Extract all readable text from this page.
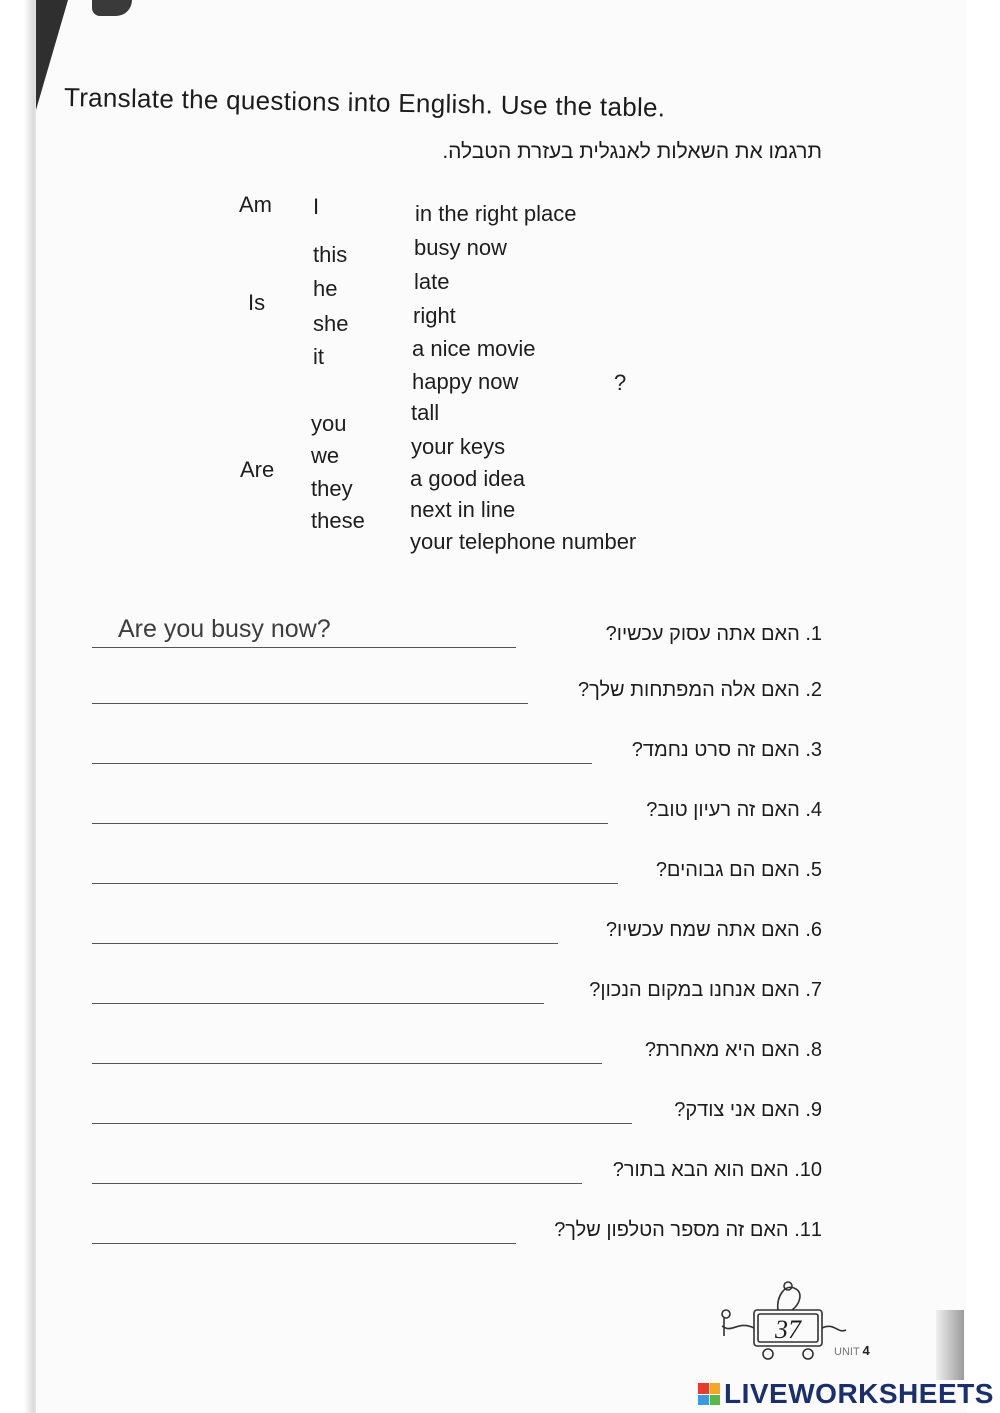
Translate the questions into English. Use the table.
תרגמו את השאלות לאנגלית בעזרת הטבלה.
Am
Is
Are
I
this
he
she
it
you
we
they
these
in the right place
busy now
late
right
a nice movie
happy now
tall
your keys
a good idea
next in line
your telephone number
?
Are you busy now?	1. האם אתה עסוק עכשיו?
2. האם אלה המפתחות שלך?
3. האם זה סרט נחמד?
4. האם זה רעיון טוב?
5. האם הם גבוהים?
6. האם אתה שמח עכשיו?
7. האם אנחנו במקום הנכון?
8. האם היא מאחרת?
9. האם אני צודק?
10. האם הוא הבא בתור?
11. האם זה מספר הטלפון שלך?
37
UNIT 4
LIVEWORKSHEETS
